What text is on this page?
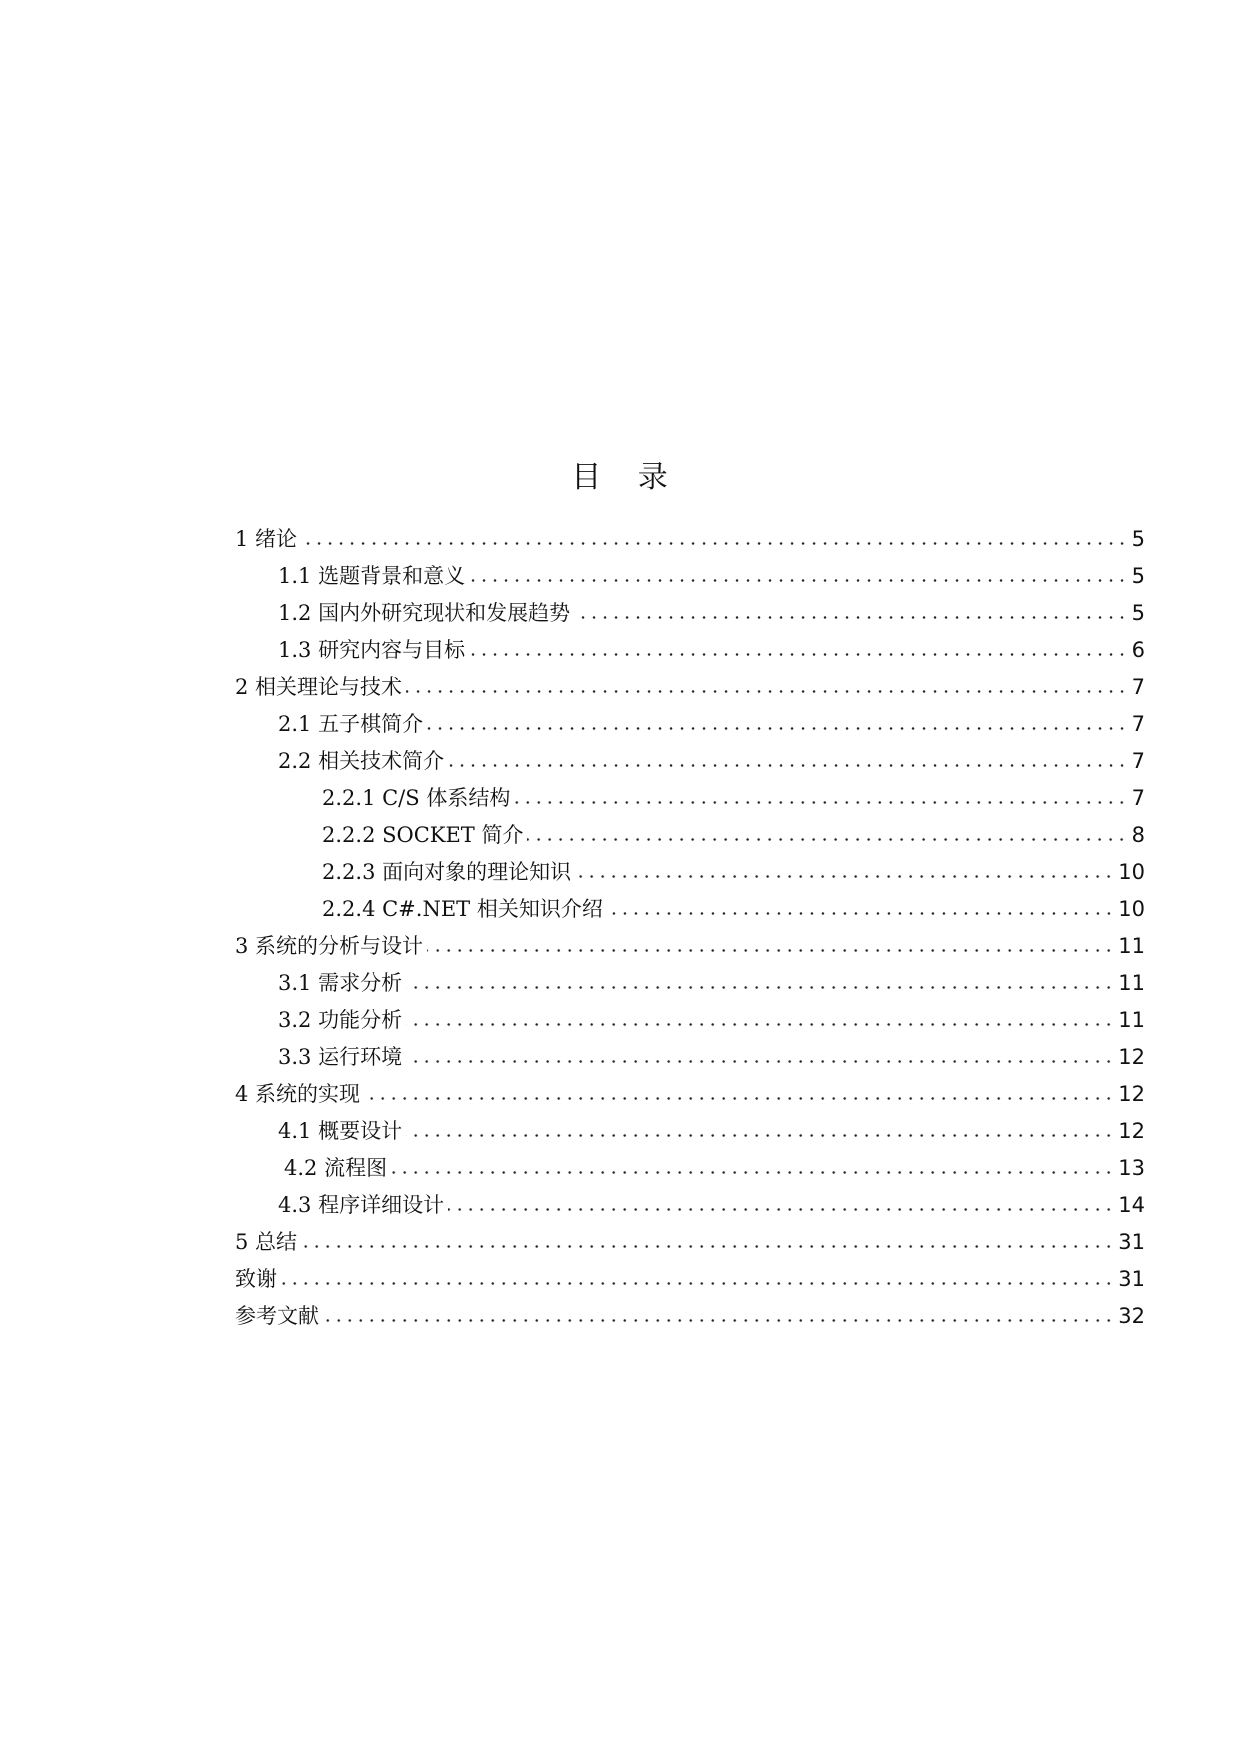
目   录
1 绪论	5
1.1 选题背景和意义	5
1.2 国内外研究现状和发展趋势	5
1.3 研究内容与目标	6
2 相关理论与技术	7
2.1 五子棋简介	7
2.2 相关技术简介	7
2.2.1 C/S 体系结构	7
2.2.2 SOCKET 简介	8
2.2.3 面向对象的理论知识	10
2.2.4 C#.NET 相关知识介绍	10
3 系统的分析与设计	11
3.1 需求分析	11
3.2 功能分析	11
3.3 运行环境	12
4 系统的实现	12
4.1 概要设计	12
4.2 流程图	13
4.3 程序详细设计	14
5 总结	31
致谢	31
参考文献	32
